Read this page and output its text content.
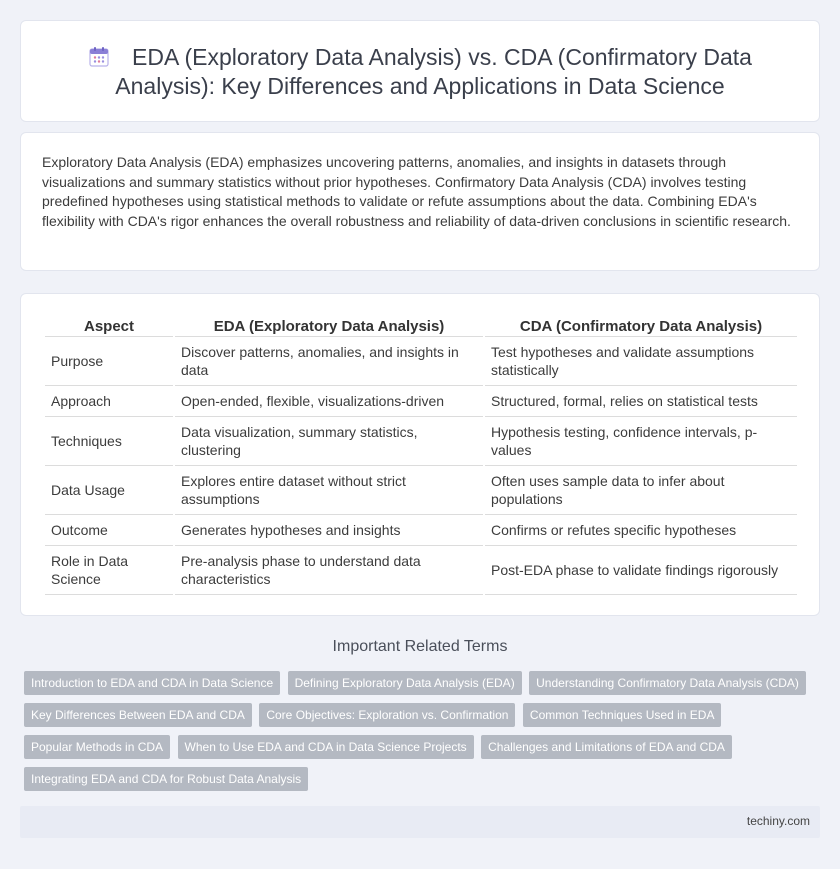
EDA (Exploratory Data Analysis) vs. CDA (Confirmatory Data Analysis): Key Differences and Applications in Data Science

Exploratory Data Analysis (EDA) emphasizes uncovering patterns, anomalies, and insights in datasets through visualizations and summary statistics without prior hypotheses. Confirmatory Data Analysis (CDA) involves testing predefined hypotheses using statistical methods to validate or refute assumptions about the data. Combining EDA's flexibility with CDA's rigor enhances the overall robustness and reliability of data-driven conclusions in scientific research.

Aspect	EDA (Exploratory Data Analysis)	CDA (Confirmatory Data Analysis)
Purpose	Discover patterns, anomalies, and insights in data	Test hypotheses and validate assumptions statistically
Approach	Open-ended, flexible, visualizations-driven	Structured, formal, relies on statistical tests
Techniques	Data visualization, summary statistics, clustering	Hypothesis testing, confidence intervals, p-values
Data Usage	Explores entire dataset without strict assumptions	Often uses sample data to infer about populations
Outcome	Generates hypotheses and insights	Confirms or refutes specific hypotheses
Role in Data Science	Pre-analysis phase to understand data characteristics	Post-EDA phase to validate findings rigorously
Important Related Terms
Introduction to EDA and CDA in Data Science Defining Exploratory Data Analysis (EDA) Understanding Confirmatory Data Analysis (CDA)
Key Differences Between EDA and CDA Core Objectives: Exploration vs. Confirmation Common Techniques Used in EDA
Popular Methods in CDA When to Use EDA and CDA in Data Science Projects Challenges and Limitations of EDA and CDA
Integrating EDA and CDA for Robust Data Analysis
techiny.com
